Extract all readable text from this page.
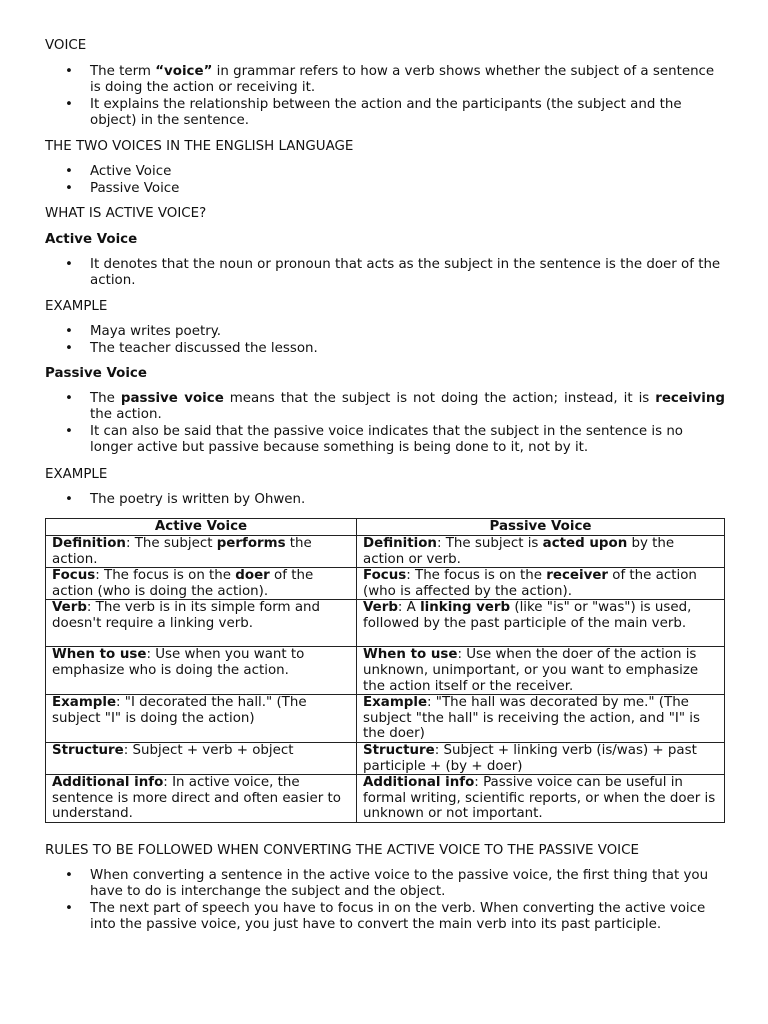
VOICE

• The term “voice” in grammar refers to how a verb shows whether the subject of a sentence is doing the action or receiving it.
• It explains the relationship between the action and the participants (the subject and the object) in the sentence.

THE TWO VOICES IN THE ENGLISH LANGUAGE

• Active Voice
• Passive Voice

WHAT IS ACTIVE VOICE?

Active Voice

• It denotes that the noun or pronoun that acts as the subject in the sentence is the doer of the action.

EXAMPLE

• Maya writes poetry.
• The teacher discussed the lesson.

Passive Voice

• The passive voice means that the subject is not doing the action; instead, it is receiving the action.
• It can also be said that the passive voice indicates that the subject in the sentence is no longer active but passive because something is being done to it, not by it.

EXAMPLE

• The poetry is written by Ohwen.
Active Voice	Passive Voice
Definition: The subject performs the action.	Definition: The subject is acted upon by the action or verb.
Focus: The focus is on the doer of the action (who is doing the action).	Focus: The focus is on the receiver of the action (who is affected by the action).
Verb: The verb is in its simple form and doesn't require a linking verb.	Verb: A linking verb (like "is" or "was") is used, followed by the past participle of the main verb.
When to use: Use when you want to emphasize who is doing the action.	When to use: Use when the doer of the action is unknown, unimportant, or you want to emphasize the action itself or the receiver.
Example: "I decorated the hall." (The subject "I" is doing the action)	Example: "The hall was decorated by me." (The subject "the hall" is receiving the action, and "I" is the doer)
Structure: Subject + verb + object	Structure: Subject + linking verb (is/was) + past participle + (by + doer)
Additional info: In active voice, the sentence is more direct and often easier to understand.	Additional info: Passive voice can be useful in formal writing, scientific reports, or when the doer is unknown or not important.

RULES TO BE FOLLOWED WHEN CONVERTING THE ACTIVE VOICE TO THE PASSIVE VOICE

• When converting a sentence in the active voice to the passive voice, the first thing that you have to do is interchange the subject and the object.
• The next part of speech you have to focus in on the verb. When converting the active voice into the passive voice, you just have to convert the main verb into its past participle.
